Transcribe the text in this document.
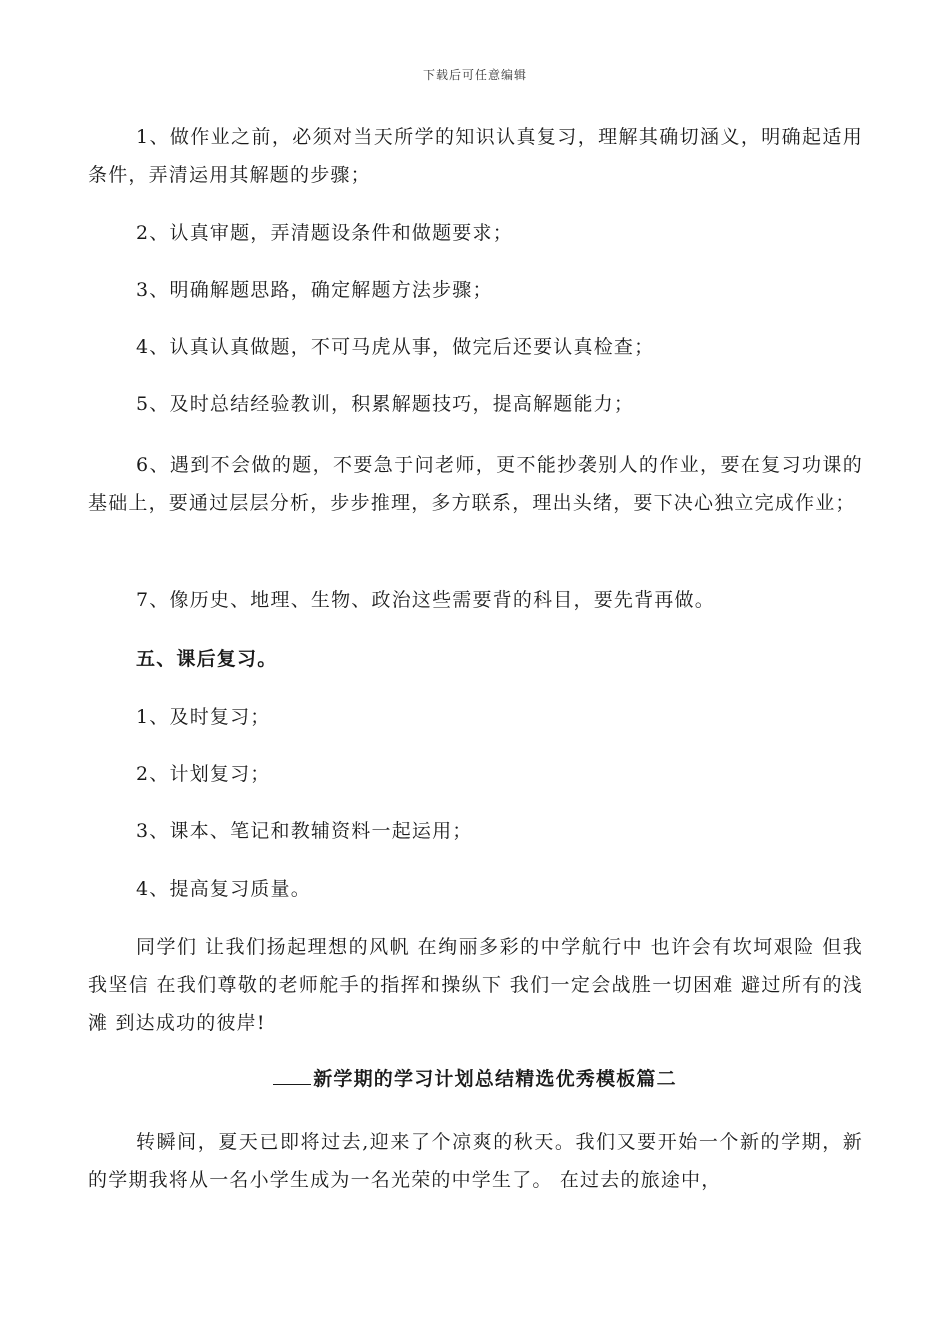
下载后可任意编辑

1、做作业之前，必须对当天所学的知识认真复习，理解其确切涵义，明确起适用条件，弄清运用其解题的步骤；

2、认真审题，弄清题设条件和做题要求；

3、明确解题思路，确定解题方法步骤；

4、认真认真做题，不可马虎从事，做完后还要认真检查；

5、及时总结经验教训，积累解题技巧，提高解题能力；

6、遇到不会做的题，不要急于问老师，更不能抄袭别人的作业，要在复习功课的基础上，要通过层层分析，步步推理，多方联系，理出头绪，要下决心独立完成作业；

7、像历史、地理、生物、政治这些需要背的科目，要先背再做。

五、课后复习。

1、及时复习；

2、计划复习；

3、课本、笔记和教辅资料一起运用；

4、提高复习质量。

同学们 让我们扬起理想的风帆 在绚丽多彩的中学航行中 也许会有坎坷艰险 但我我坚信 在我们尊敬的老师舵手的指挥和操纵下 我们一定会战胜一切困难 避过所有的浅滩 到达成功的彼岸!

新学期的学习计划总结精选优秀模板篇二

转瞬间，夏天已即将过去,迎来了个凉爽的秋天。我们又要开始一个新的学期，新的学期我将从一名小学生成为一名光荣的中学生了。 在过去的旅途中，
